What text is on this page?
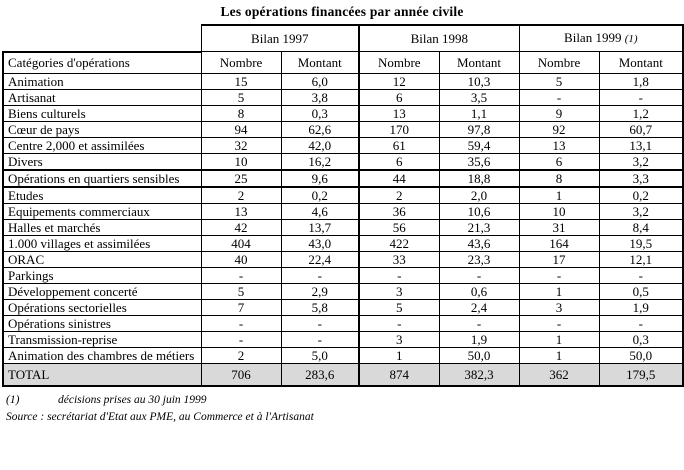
Les opérations financées par année civile
	Bilan 1997		Bilan 1998		Bilan 1999 (1)	
Catégories d'opérations	Nombre	Montant	Nombre	Montant	Nombre	Montant
Animation	15	6,0	12	10,3	5	1,8
Artisanat	5	3,8	6	3,5	-	-
Biens culturels	8	0,3	13	1,1	9	1,2
Cœur de pays	94	62,6	170	97,8	92	60,7
Centre 2,000 et assimilées	32	42,0	61	59,4	13	13,1
Divers	10	16,2	6	35,6	6	3,2
Opérations en quartiers sensibles	25	9,6	44	18,8	8	3,3
Etudes	2	0,2	2	2,0	1	0,2
Equipements commerciaux	13	4,6	36	10,6	10	3,2
Halles et marchés	42	13,7	56	21,3	31	8,4
1.000 villages et assimilées	404	43,0	422	43,6	164	19,5
ORAC	40	22,4	33	23,3	17	12,1
Parkings	-	-	-	-	-	-
Développement concerté	5	2,9	3	0,6	1	0,5
Opérations sectorielles	7	5,8	5	2,4	3	1,9
Opérations sinistres	-	-	-	-	-	-
Transmission-reprise	-	-	3	1,9	1	0,3
Animation des chambres de métiers	2	5,0	1	50,0	1	50,0
TOTAL	706	283,6	874	382,3	362	179,5
(1)	décisions prises au 30 juin 1999
Source : secrétariat d'Etat aux PME, au Commerce et à l'Artisanat
